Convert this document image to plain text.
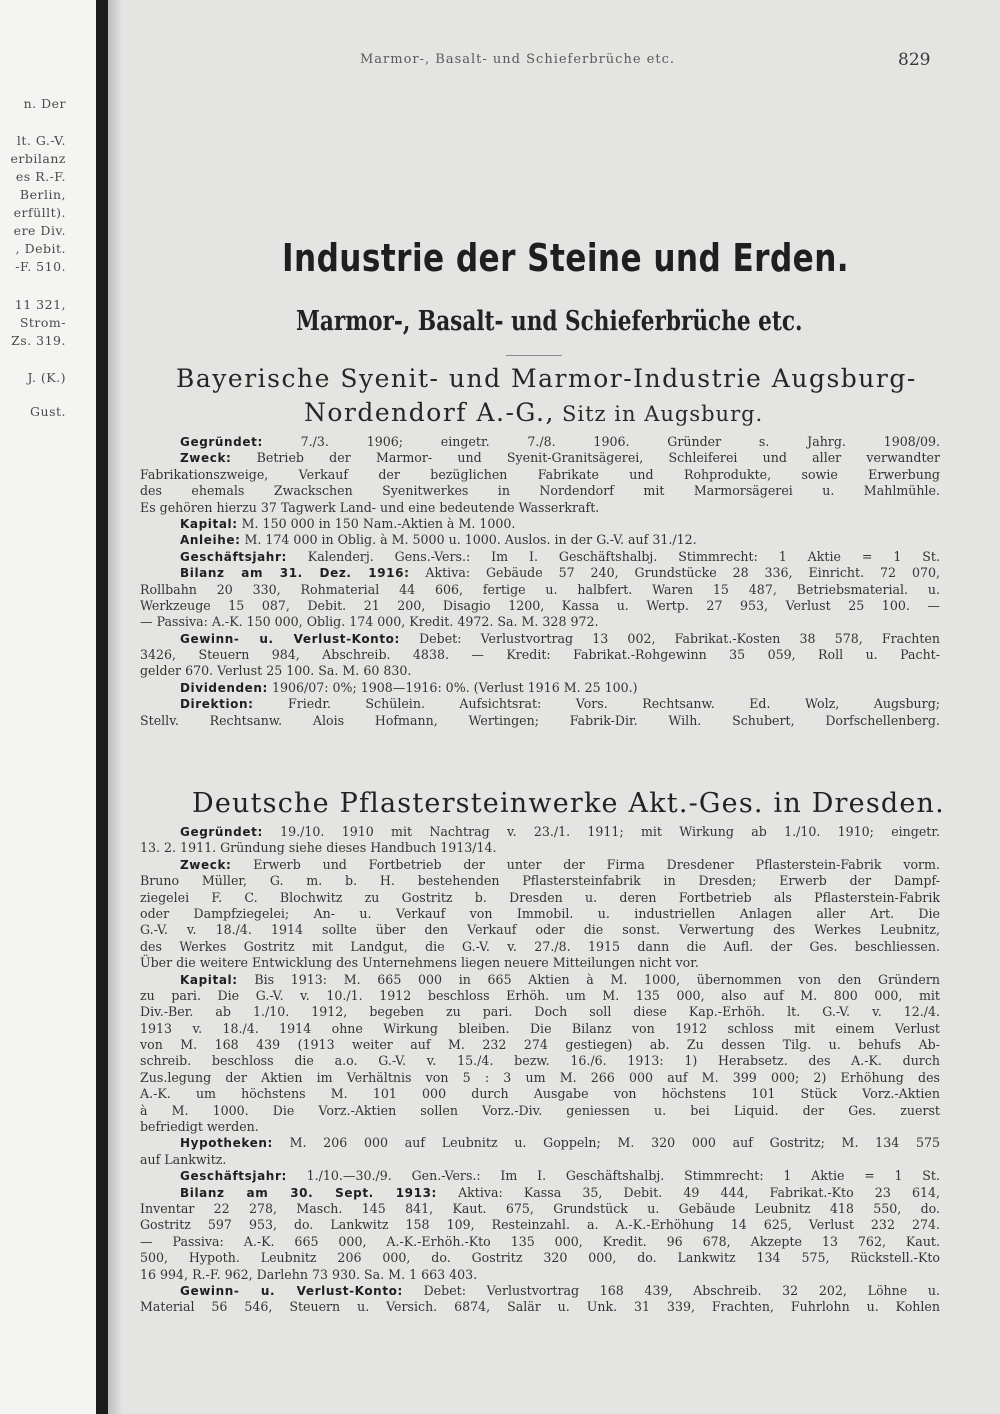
n. Der
lt. G.-V.
erbilanz
es R.-F.
Berlin,
erfüllt).
ere Div.
, Debit.
-F. 510.
11 321,
Strom-
Zs. 319.
J. (K.)
Gust.
Marmor-, Basalt- und Schieferbrüche etc.	829
Industrie der Steine und Erden.
Marmor-, Basalt- und Schieferbrüche etc.
Bayerische Syenit- und Marmor-Industrie Augsburg-
Nordendorf A.-G., Sitz in Augsburg.
Gegründet: 7./3. 1906; eingetr. 7./8. 1906. Gründer s. Jahrg. 1908/09.
Zweck: Betrieb der Marmor- und Syenit-Granitsägerei, Schleiferei und aller verwandter
Fabrikationszweige, Verkauf der bezüglichen Fabrikate und Rohprodukte, sowie Erwerbung
des ehemals Zwackschen Syenitwerkes in Nordendorf mit Marmorsägerei u. Mahlmühle.
Es gehören hierzu 37 Tagwerk Land- und eine bedeutende Wasserkraft.
Kapital: M. 150 000 in 150 Nam.-Aktien à M. 1000.
Anleihe: M. 174 000 in Oblig. à M. 5000 u. 1000. Auslos. in der G.-V. auf 31./12.
Geschäftsjahr: Kalenderj. Gens.-Vers.: Im I. Geschäftshalbj. Stimmrecht: 1 Aktie = 1 St.
Bilanz am 31. Dez. 1916: Aktiva: Gebäude 57 240, Grundstücke 28 336, Einricht. 72 070,
Rollbahn 20 330, Rohmaterial 44 606, fertige u. halbfert. Waren 15 487, Betriebsmaterial. u.
Werkzeuge 15 087, Debit. 21 200, Disagio 1200, Kassa u. Wertp. 27 953, Verlust 25 100. —
— Passiva: A.-K. 150 000, Oblig. 174 000, Kredit. 4972. Sa. M. 328 972.
Gewinn- u. Verlust-Konto: Debet: Verlustvortrag 13 002, Fabrikat.-Kosten 38 578, Frachten
3426, Steuern 984, Abschreib. 4838. — Kredit: Fabrikat.-Rohgewinn 35 059, Roll u. Pacht-
gelder 670. Verlust 25 100. Sa. M. 60 830.
Dividenden: 1906/07: 0%; 1908—1916: 0%. (Verlust 1916 M. 25 100.)
Direktion: Friedr. Schülein. Aufsichtsrat: Vors. Rechtsanw. Ed. Wolz, Augsburg;
Stellv. Rechtsanw. Alois Hofmann, Wertingen; Fabrik-Dir. Wilh. Schubert, Dorfschellenberg.
Deutsche Pflastersteinwerke Akt.-Ges. in Dresden.
Gegründet: 19./10. 1910 mit Nachtrag v. 23./1. 1911; mit Wirkung ab 1./10. 1910; eingetr.
13. 2. 1911. Gründung siehe dieses Handbuch 1913/14.
Zweck: Erwerb und Fortbetrieb der unter der Firma Dresdener Pflasterstein-Fabrik vorm.
Bruno Müller, G. m. b. H. bestehenden Pflastersteinfabrik in Dresden; Erwerb der Dampf-
ziegelei F. C. Blochwitz zu Gostritz b. Dresden u. deren Fortbetrieb als Pflasterstein-Fabrik
oder Dampfziegelei; An- u. Verkauf von Immobil. u. industriellen Anlagen aller Art. Die
G.-V. v. 18./4. 1914 sollte über den Verkauf oder die sonst. Verwertung des Werkes Leubnitz,
des Werkes Gostritz mit Landgut, die G.-V. v. 27./8. 1915 dann die Aufl. der Ges. beschliessen.
Über die weitere Entwicklung des Unternehmens liegen neuere Mitteilungen nicht vor.
Kapital: Bis 1913: M. 665 000 in 665 Aktien à M. 1000, übernommen von den Gründern
zu pari. Die G.-V. v. 10./1. 1912 beschloss Erhöh. um M. 135 000, also auf M. 800 000, mit
Div.-Ber. ab 1./10. 1912, begeben zu pari. Doch soll diese Kap.-Erhöh. lt. G.-V. v. 12./4.
1913 v. 18./4. 1914 ohne Wirkung bleiben. Die Bilanz von 1912 schloss mit einem Verlust
von M. 168 439 (1913 weiter auf M. 232 274 gestiegen) ab. Zu dessen Tilg. u. behufs Ab-
schreib. beschloss die a.o. G.-V. v. 15./4. bezw. 16./6. 1913: 1) Herabsetz. des A.-K. durch
Zus.legung der Aktien im Verhältnis von 5 : 3 um M. 266 000 auf M. 399 000; 2) Erhöhung des
A.-K. um höchstens M. 101 000 durch Ausgabe von höchstens 101 Stück Vorz.-Aktien
à M. 1000. Die Vorz.-Aktien sollen Vorz.-Div. geniessen u. bei Liquid. der Ges. zuerst
befriedigt werden.
Hypotheken: M. 206 000 auf Leubnitz u. Goppeln; M. 320 000 auf Gostritz; M. 134 575
auf Lankwitz.
Geschäftsjahr: 1./10.—30./9. Gen.-Vers.: Im I. Geschäftshalbj. Stimmrecht: 1 Aktie = 1 St.
Bilanz am 30. Sept. 1913: Aktiva: Kassa 35, Debit. 49 444, Fabrikat.-Kto 23 614,
Inventar 22 278, Masch. 145 841, Kaut. 675, Grundstück u. Gebäude Leubnitz 418 550, do.
Gostritz 597 953, do. Lankwitz 158 109, Resteinzahl. a. A.-K.-Erhöhung 14 625, Verlust 232 274.
— Passiva: A.-K. 665 000, A.-K.-Erhöh.-Kto 135 000, Kredit. 96 678, Akzepte 13 762, Kaut.
500, Hypoth. Leubnitz 206 000, do. Gostritz 320 000, do. Lankwitz 134 575, Rückstell.-Kto
16 994, R.-F. 962, Darlehn 73 930. Sa. M. 1 663 403.
Gewinn- u. Verlust-Konto: Debet: Verlustvortrag 168 439, Abschreib. 32 202, Löhne u.
Material 56 546, Steuern u. Versich. 6874, Salär u. Unk. 31 339, Frachten, Fuhrlohn u. Kohlen
